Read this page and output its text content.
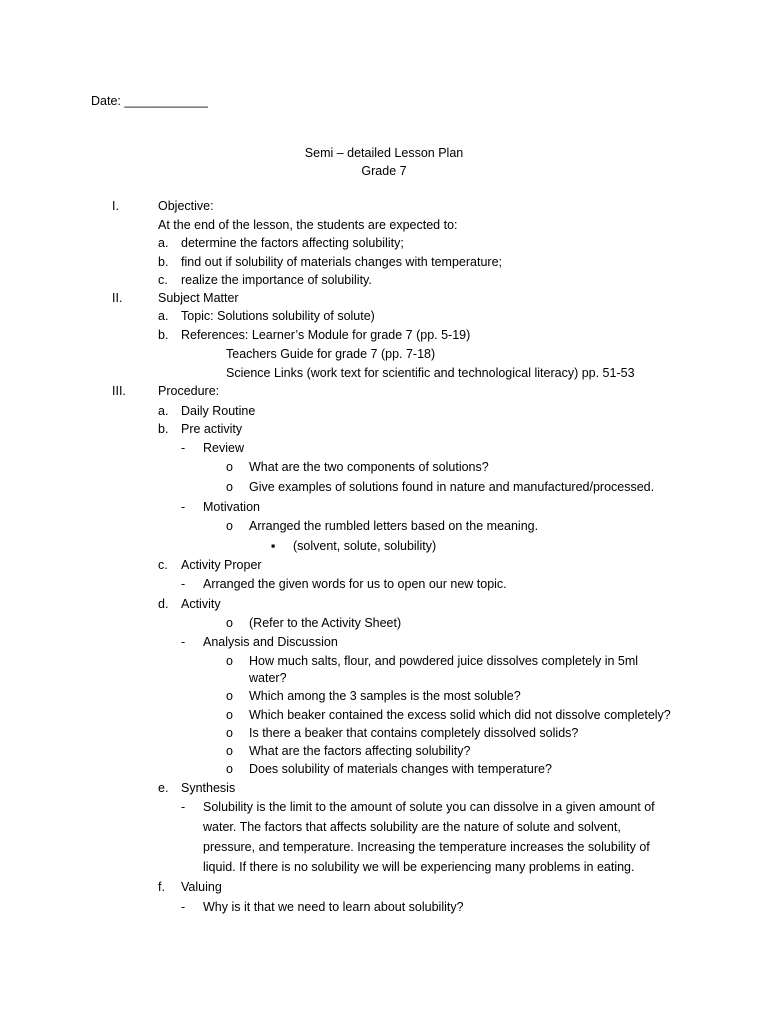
Date: ____________
Semi – detailed Lesson Plan
Grade 7
I.	Objective:
At the end of the lesson, the students are expected to:
a. determine the factors affecting solubility;
b. find out if solubility of materials changes with temperature;
c. realize the importance of solubility.
II.	Subject Matter
a. Topic: Solutions solubility of solute)
b. References: Learner’s Module for grade 7 (pp. 5-19)
Teachers Guide for grade 7 (pp. 7-18)
Science Links (work text for scientific and technological literacy) pp. 51-53
III.	Procedure:
a. Daily Routine
b. Pre activity
- Review
o What are the two components of solutions?
o Give examples of solutions found in nature and manufactured/processed.
- Motivation
o Arranged the rumbled letters based on the meaning.
▪ (solvent, solute, solubility)
c. Activity Proper
- Arranged the given words for us to open our new topic.
d. Activity
o (Refer to the Activity Sheet)
- Analysis and Discussion
o How much salts, flour, and powdered juice dissolves completely in 5ml
water?
o Which among the 3 samples is the most soluble?
o Which beaker contained the excess solid which did not dissolve completely?
o Is there a beaker that contains completely dissolved solids?
o What are the factors affecting solubility?
o Does solubility of materials changes with temperature?
e. Synthesis
- Solubility is the limit to the amount of solute you can dissolve in a given amount of
water. The factors that affects solubility are the nature of solute and solvent,
pressure, and temperature. Increasing the temperature increases the solubility of
liquid. If there is no solubility we will be experiencing many problems in eating.
f. Valuing
- Why is it that we need to learn about solubility?
